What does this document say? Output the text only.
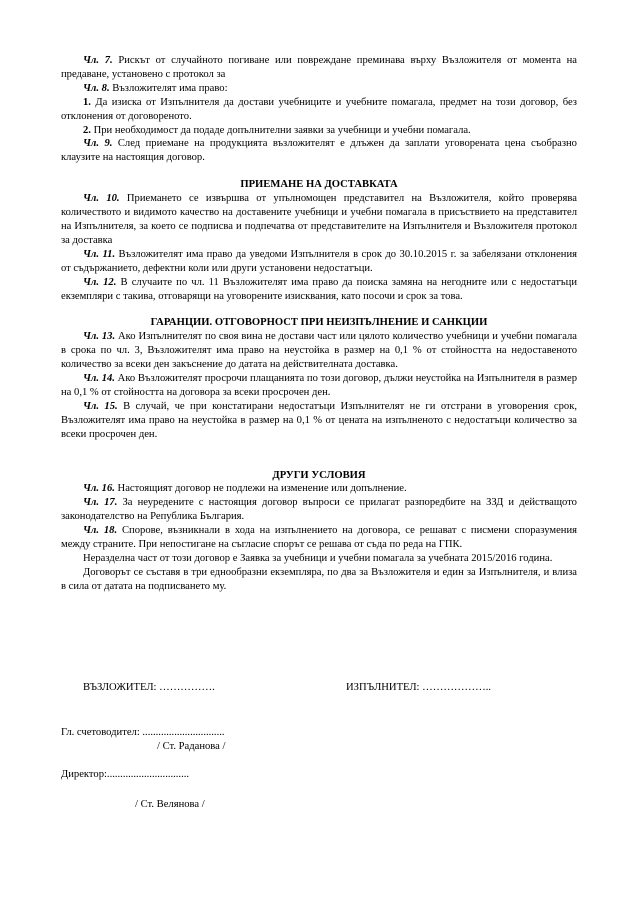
Чл. 7. Рискът от случайното погиване или повреждане преминава върху Възложителя от момента на предаване, установено с протокол за

Чл. 8. Възложителят има право:

1. Да изиска от Изпълнителя да достави учебниците и учебните помагала, предмет на този договор, без отклонения от договореното.

2. При необходимост да подаде допълнителни заявки за учебници и учебни помагала.

Чл. 9. След приемане на продукцията възложителят е длъжен да заплати уговорената цена съобразно клаузите на настоящия договор.

ПРИЕМАНЕ НА ДОСТАВКАТА

Чл. 10. Приемането се извършва от упълномощен представител на Възложителя, който проверява количеството и видимото качество на доставените учебници и учебни помагала в присъствието на представител на Изпълнителя, за което се подписва и подпечатва от представителите на Изпълнителя и Възложителя протокол за доставка

Чл. 11. Възложителят има право да уведоми Изпълнителя в срок до 30.10.2015 г. за забелязани отклонения от съдържанието, дефектни коли или други установени недостатъци.

Чл. 12. В случаите по чл. 11 Възложителят има право да поиска замяна на негодните или с недостатъци екземпляри с такива, отговарящи на уговорените изисквания, като посочи и срок за това.

ГАРАНЦИИ. ОТГОВОРНОСТ ПРИ НЕИЗПЪЛНЕНИЕ И САНКЦИИ

Чл. 13. Ако Изпълнителят по своя вина не достави част или цялото количество учебници и учебни помагала в срока по чл. 3, Възложителят има право на неустойка в размер на 0,1 % от стойността на недоставеното количество за всеки ден закъснение до датата на действителната доставка.

Чл. 14. Ако Възложителят просрочи плащанията по този договор, дължи неустойка на Изпълнителя в размер на 0,1 % от стойността на договора за всеки просрочен ден.

Чл. 15. В случай, че при констатирани недостатъци Изпълнителят не ги отстрани в уговорения срок, Възложителят има право на неустойка в размер на 0,1 % от цената на изпълненото с недостатъци количество за всеки просрочен ден.

ДРУГИ УСЛОВИЯ

Чл. 16. Настоящият договор не подлежи на изменение или допълнение.

Чл. 17. За неуредените с настоящия договор въпроси се прилагат разпоредбите на ЗЗД и действащото законодателство на Република България.

Чл. 18. Спорове, възникнали в хода на изпълнението на договора, се решават с писмени споразумения между страните. При непостигане на съгласие спорът се решава от съда по реда на ГПК.

Неразделна част от този договор е Заявка за учебници и учебни помагала за учебната 2015/2016 година.

Договорът се съставя в три еднообразни екземпляра, по два за Възложителя и един за Изпълнителя, и влиза в сила от датата на подписването му.

ВЪЗЛОЖИТЕЛ: …………….	ИЗПЪЛНИТЕЛ: ………………..
Гл. счетоводител: ...............................
/ Ст. Раданова /
Директор:...............................
/ Ст. Велянова /
